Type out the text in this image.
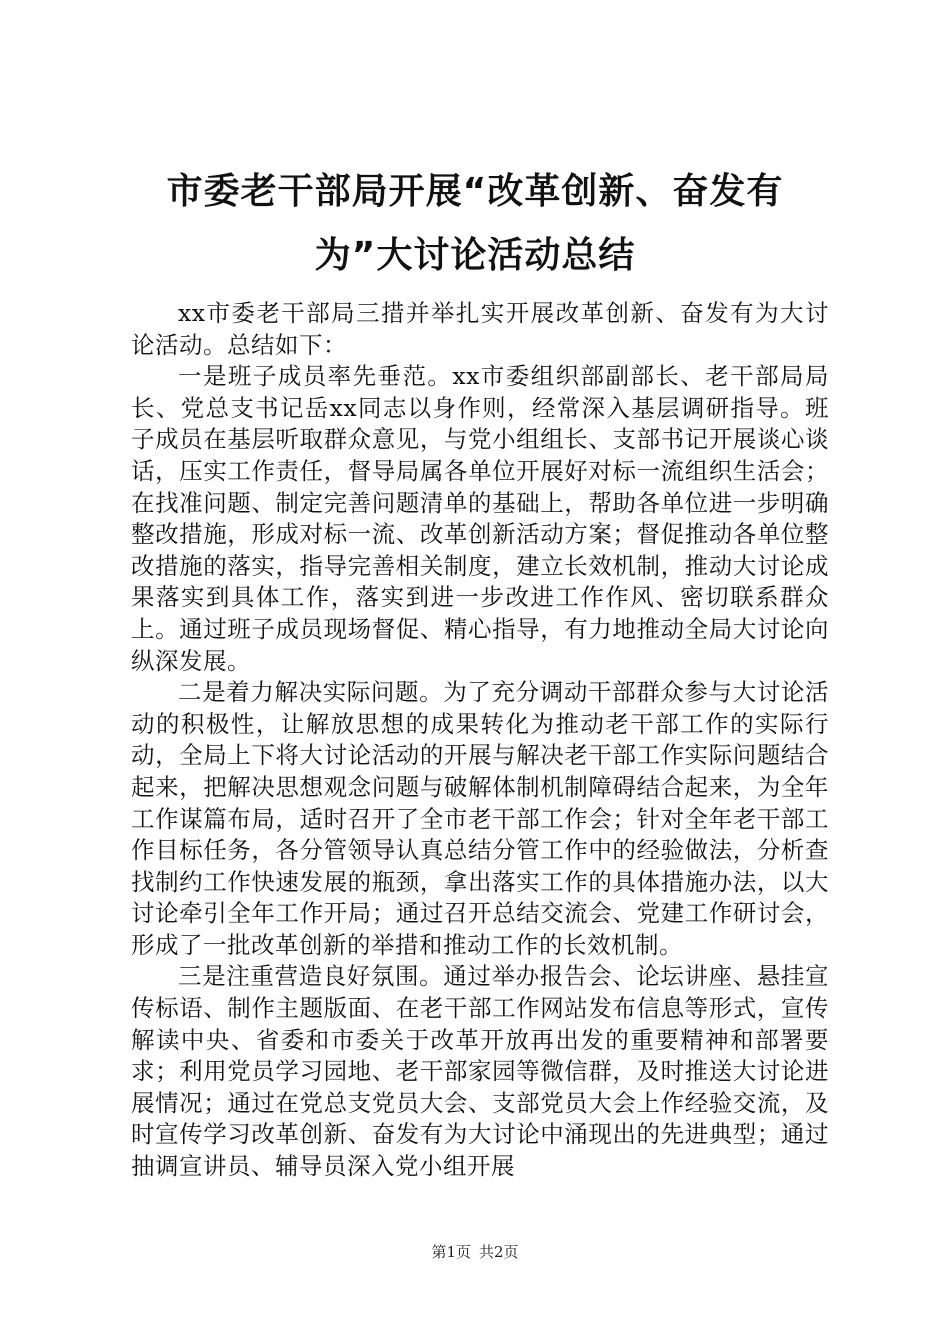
市委老干部局开展“改革创新、奋发有为”大讨论活动总结

xx市委老干部局三措并举扎实开展改革创新、奋发有为大讨论活动。总结如下：

一是班子成员率先垂范。xx市委组织部副部长、老干部局局长、党总支书记岳xx同志以身作则，经常深入基层调研指导。班子成员在基层听取群众意见，与党小组组长、支部书记开展谈心谈话，压实工作责任，督导局属各单位开展好对标一流组织生活会；在找准问题、制定完善问题清单的基础上，帮助各单位进一步明确整改措施，形成对标一流、改革创新活动方案；督促推动各单位整改措施的落实，指导完善相关制度，建立长效机制，推动大讨论成果落实到具体工作，落实到进一步改进工作作风、密切联系群众上。通过班子成员现场督促、精心指导，有力地推动全局大讨论向纵深发展。

二是着力解决实际问题。为了充分调动干部群众参与大讨论活动的积极性，让解放思想的成果转化为推动老干部工作的实际行动，全局上下将大讨论活动的开展与解决老干部工作实际问题结合起来，把解决思想观念问题与破解体制机制障碍结合起来，为全年工作谋篇布局，适时召开了全市老干部工作会；针对全年老干部工作目标任务，各分管领导认真总结分管工作中的经验做法，分析查找制约工作快速发展的瓶颈，拿出落实工作的具体措施办法，以大讨论牵引全年工作开局；通过召开总结交流会、党建工作研讨会，形成了一批改革创新的举措和推动工作的长效机制。

三是注重营造良好氛围。通过举办报告会、论坛讲座、悬挂宣传标语、制作主题版面、在老干部工作网站发布信息等形式，宣传解读中央、省委和市委关于改革开放再出发的重要精神和部署要求；利用党员学习园地、老干部家园等微信群，及时推送大讨论进展情况；通过在党总支党员大会、支部党员大会上作经验交流，及时宣传学习改革创新、奋发有为大讨论中涌现出的先进典型；通过抽调宣讲员、辅导员深入党小组开展

第1页 共2页
